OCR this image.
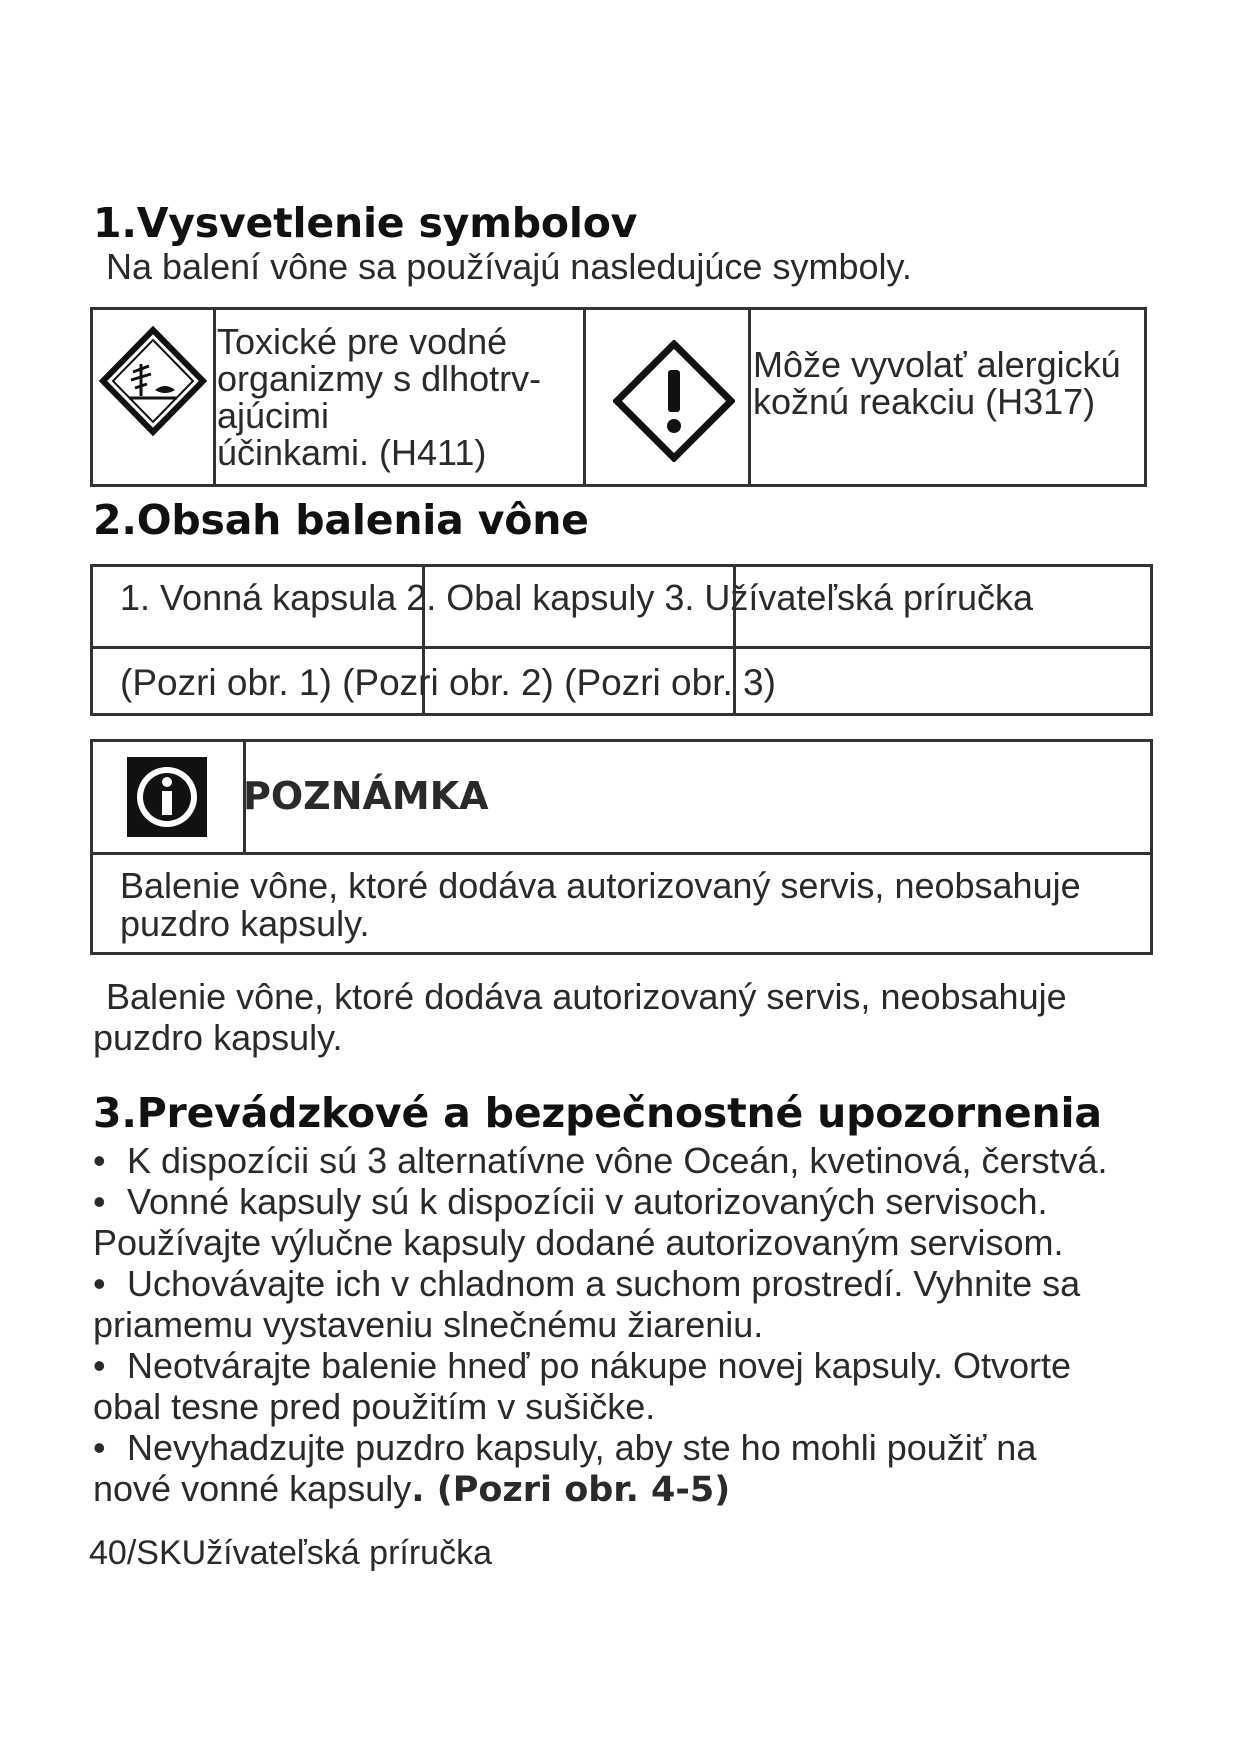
1.Vysvetlenie symbolov

Na balení vône sa používajú nasledujúce symboly.

Toxické pre vodné
organizmy s dlhotrv-
ajúcimi
účinkami. (H411)
Môže vyvolať alergickú
kožnú reakciu (H317)
2.Obsah balenia vône
1. Vonná kapsula 2. Obal kapsuly 3. Užívateľská príručka
(Pozri obr. 1) (Pozri obr. 2) (Pozri obr. 3)
POZNÁMKA
Balenie vône, ktoré dodáva autorizovaný servis, neobsahuje
puzdro kapsuly.
Balenie vône, ktoré dodáva autorizovaný servis, neobsahuje
puzdro kapsuly.
3.Prevádzkové a bezpečnostné upozornenia
• K dispozícii sú 3 alternatívne vône Oceán, kvetinová, čerstvá.
• Vonné kapsuly sú k dispozícii v autorizovaných servisoch.
Používajte výlučne kapsuly dodané autorizovaným servisom.
• Uchovávajte ich v chladnom a suchom prostredí. Vyhnite sa
priamemu vystaveniu slnečnému žiareniu.
• Neotvárajte balenie hneď po nákupe novej kapsuly. Otvorte
obal tesne pred použitím v sušičke.
• Nevyhadzujte puzdro kapsuly, aby ste ho mohli použiť na
nové vonné kapsuly. (Pozri obr. 4-5)
40/SKUžívateľská príručka
